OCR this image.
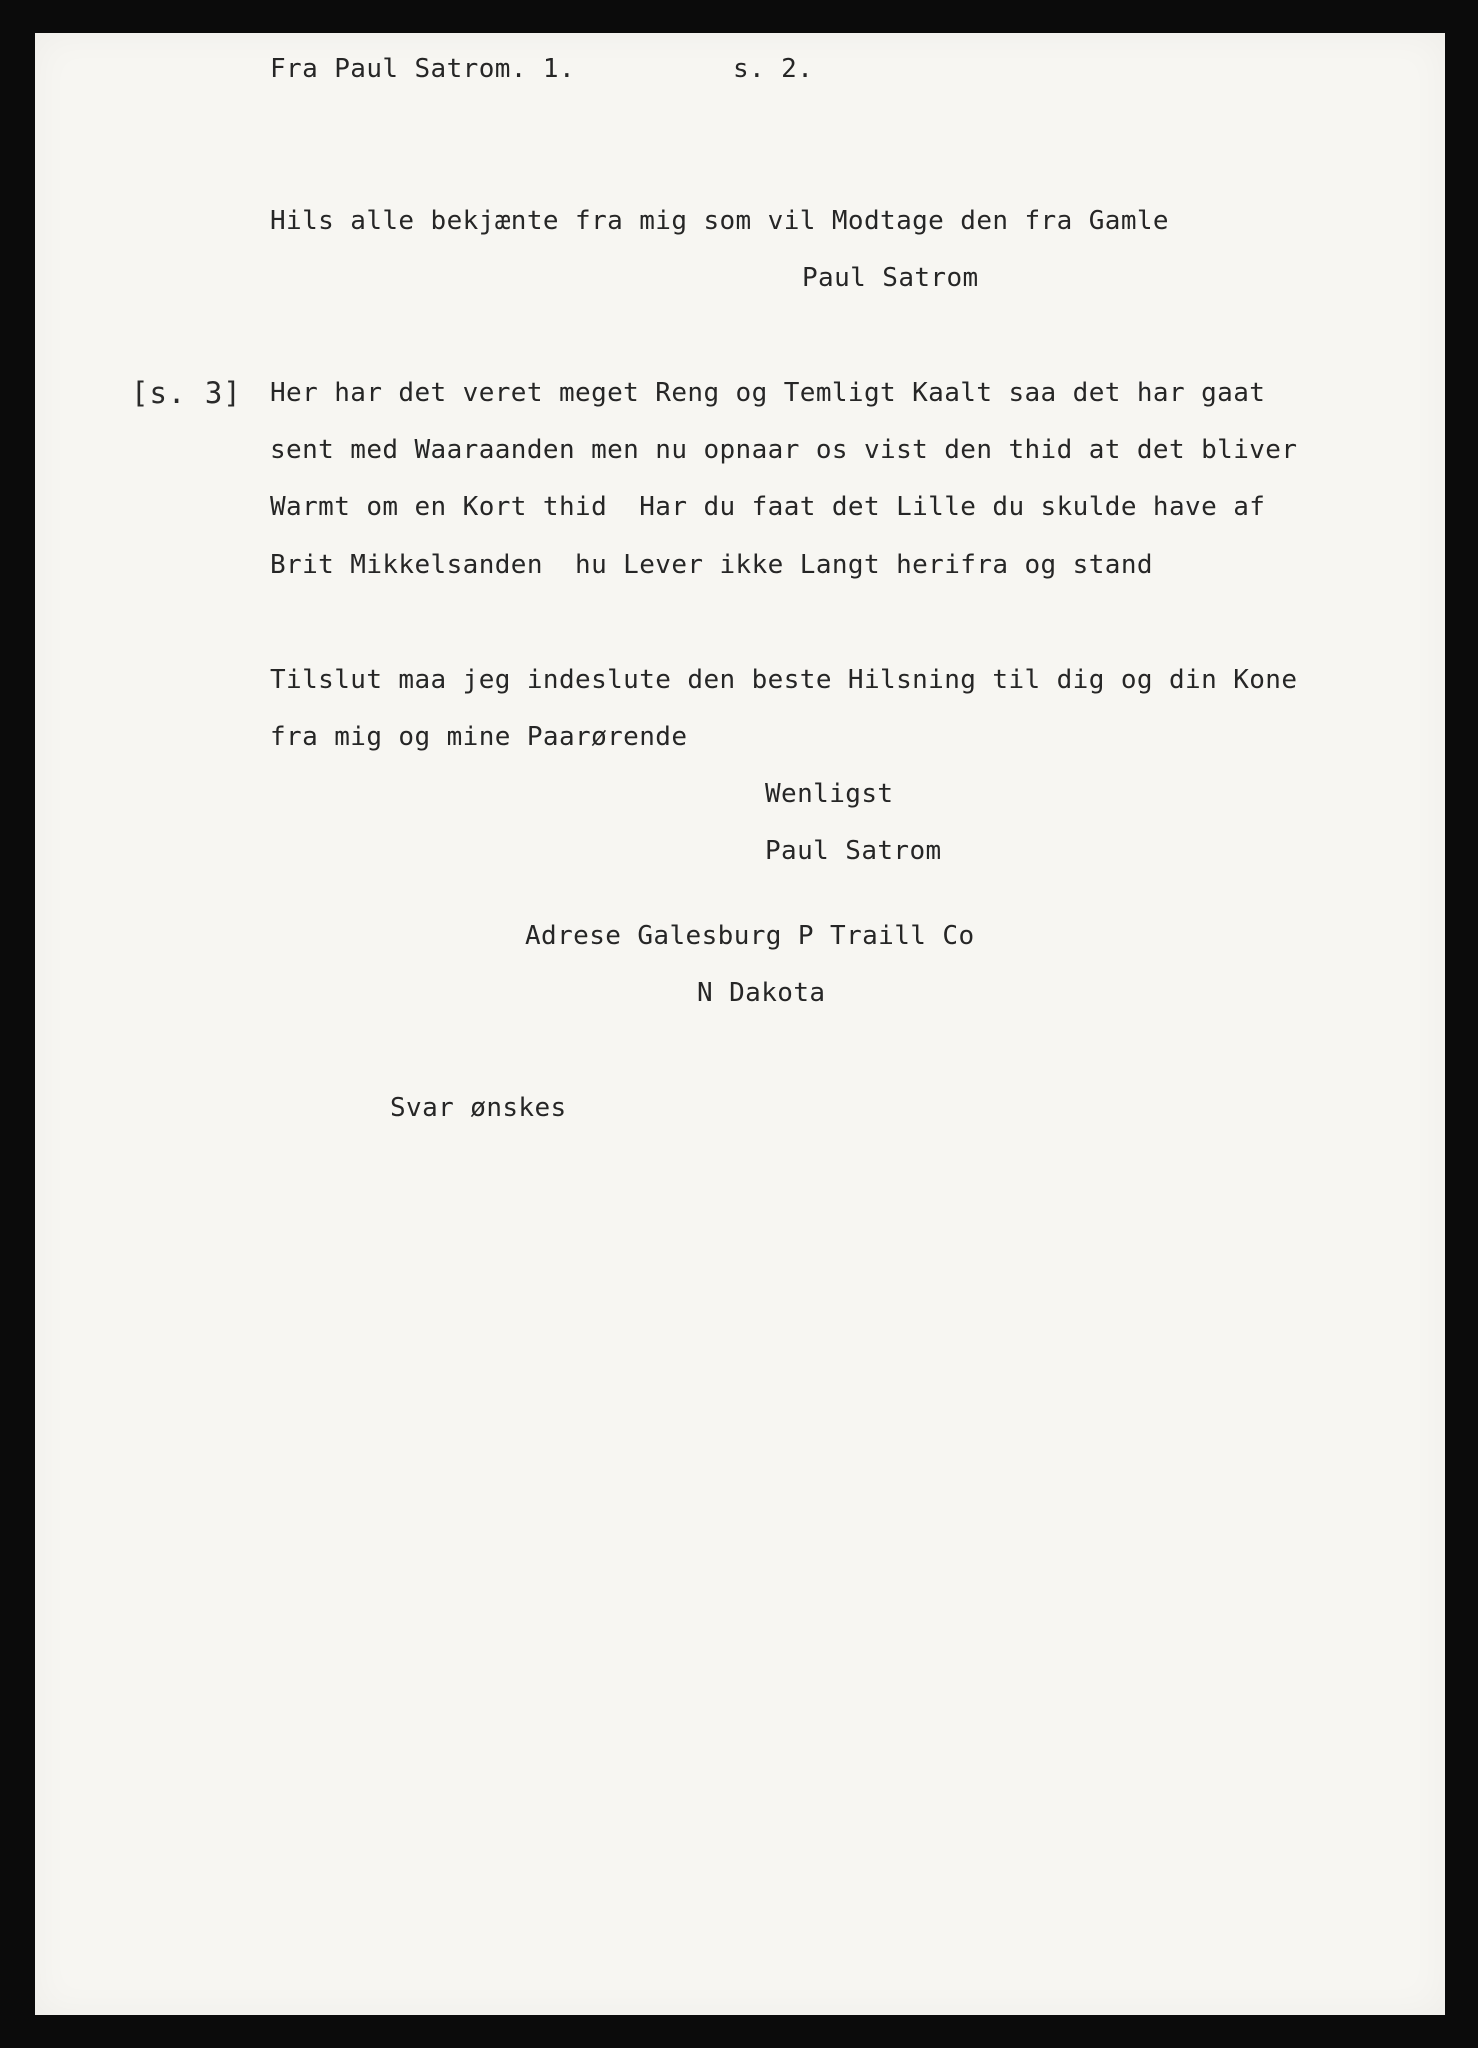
Fra Paul Satrom. 1.	s. 2.

Hils alle bekjænte fra mig som vil Modtage den fra Gamle

Paul Satrom

[s. 3] Her har det veret meget Reng og Temligt Kaalt saa det har gaat

sent med Waaraanden men nu opnaar os vist den thid at det bliver

Warmt om en Kort thid  Har du faat det Lille du skulde have af

Brit Mikkelsanden  hu Lever ikke Langt herifra og stand

Tilslut maa jeg indeslute den beste Hilsning til dig og din Kone

fra mig og mine Paarørende

Wenligst

Paul Satrom

Adrese Galesburg P Traill Co

N Dakota

Svar ønskes
